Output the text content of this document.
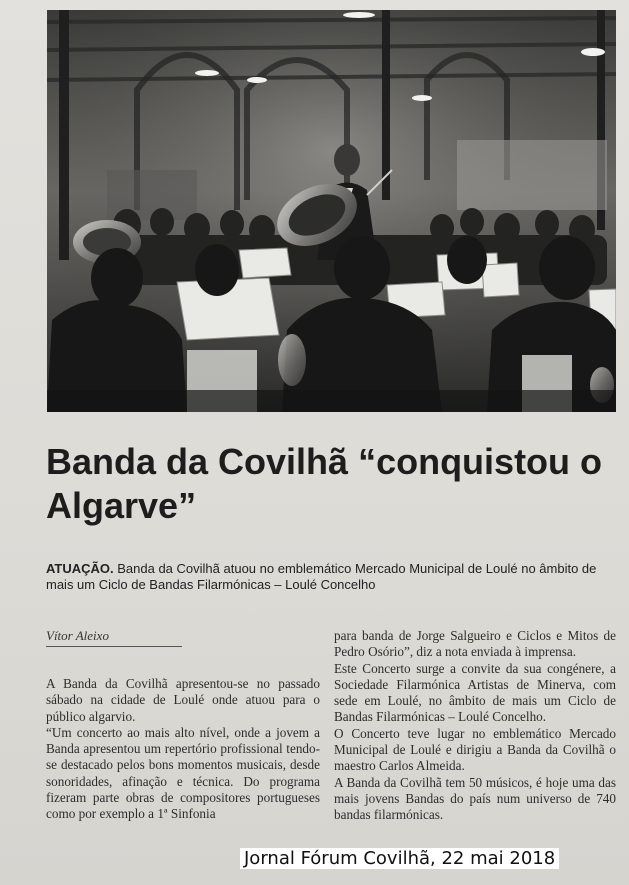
Banda da Covilhã “conquistou o Algarve”
ATUAÇÃO. Banda da Covilhã atuou no emblemático Mercado Municipal de Loulé no âmbito de mais um Ciclo de Bandas Filarmónicas – Loulé Concelho
Vítor Aleixo

A Banda da Covilhã apresentou-se no passado sábado na cidade de Loulé onde atuou para o público algarvio.

“Um concerto ao mais alto nível, onde a jovem a Banda apresentou um repertório profissional tendo-se destacado pelos bons momentos musicais, desde sonoridades, afinação e técnica. Do programa fizeram parte obras de compositores portugueses como por exemplo a 1ª Sinfonia

para banda de Jorge Salgueiro e Ciclos e Mitos de Pedro Osório”, diz a nota enviada à imprensa.

Este Concerto surge a convite da sua congénere, a Sociedade Filarmónica Artistas de Minerva, com sede em Loulé, no âmbito de mais um Ciclo de Bandas Filarmónicas – Loulé Concelho.

O Concerto teve lugar no emblemático Mercado Municipal de Loulé e dirigiu a Banda da Covilhã o maestro Carlos Almeida.

A Banda da Covilhã tem 50 músicos, é hoje uma das mais jovens Bandas do país num universo de 740 bandas filarmónicas.

Jornal Fórum Covilhã, 22 mai 2018
